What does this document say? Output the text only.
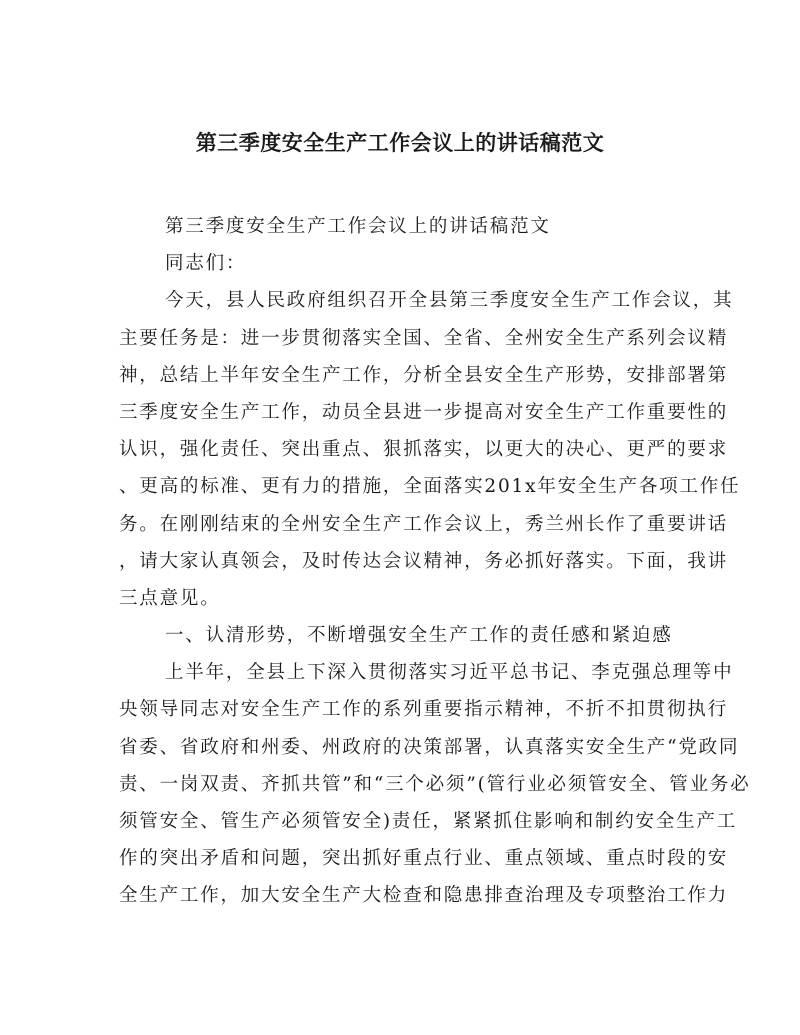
第三季度安全生产工作会议上的讲话稿范文
第三季度安全生产工作会议上的讲话稿范文
同志们：
今天，县人民政府组织召开全县第三季度安全生产工作会议，其
主要任务是：进一步贯彻落实全国、全省、全州安全生产系列会议精
神，总结上半年安全生产工作，分析全县安全生产形势，安排部署第
三季度安全生产工作，动员全县进一步提高对安全生产工作重要性的
认识，强化责任、突出重点、狠抓落实，以更大的决心、更严的要求
、更高的标准、更有力的措施，全面落实201x年安全生产各项工作任
务。在刚刚结束的全州安全生产工作会议上，秀兰州长作了重要讲话
，请大家认真领会，及时传达会议精神，务必抓好落实。下面，我讲
三点意见。
一、认清形势，不断增强安全生产工作的责任感和紧迫感
上半年，全县上下深入贯彻落实习近平总书记、李克强总理等中
央领导同志对安全生产工作的系列重要指示精神，不折不扣贯彻执行
省委、省政府和州委、州政府的决策部署，认真落实安全生产“党政同
责、一岗双责、齐抓共管”和“三个必须”(管行业必须管安全、管业务必
须管安全、管生产必须管安全)责任，紧紧抓住影响和制约安全生产工
作的突出矛盾和问题，突出抓好重点行业、重点领域、重点时段的安
全生产工作，加大安全生产大检查和隐患排查治理及专项整治工作力
